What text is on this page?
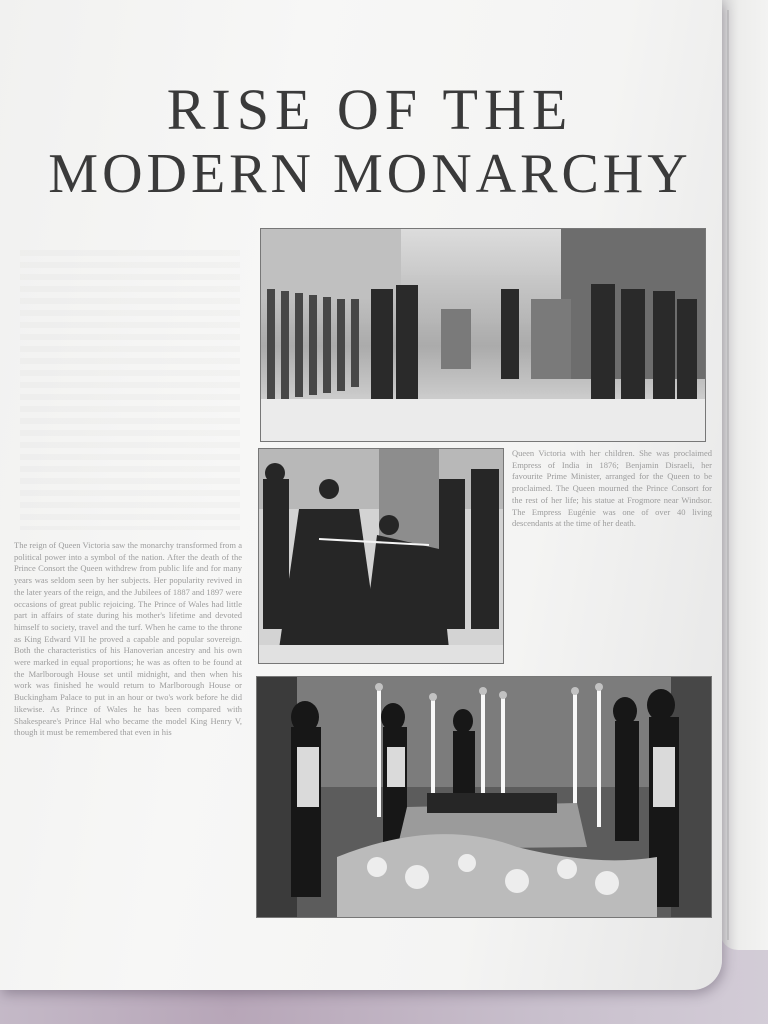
RISE OF THE
MODERN MONARCHY

The reign of Queen Victoria saw the monarchy transformed from a political power into a symbol of the nation. After the death of the Prince Consort the Queen withdrew from public life and for many years was seldom seen by her subjects. Her popularity revived in the later years of the reign, and the Jubilees of 1887 and 1897 were occasions of great public rejoicing. The Prince of Wales had little part in affairs of state during his mother's lifetime and devoted himself to society, travel and the turf. When he came to the throne as King Edward VII he proved a capable and popular sovereign. Both the characteristics of his Hanoverian ancestry and his own were marked in equal proportions; he was as often to be found at the Marlborough House set until midnight, and then when his work was finished he would return to Marlborough House or Buckingham Palace to put in an hour or two's work before he did likewise. As Prince of Wales he has been compared with Shakespeare's Prince Hal who became the model King Henry V, though it must be remembered that even in his

Queen Victoria with her children. She was proclaimed Empress of India in 1876; Benjamin Disraeli, her favourite Prime Minister, arranged for the Queen to be proclaimed. The Queen mourned the Prince Consort for the rest of her life; his statue at Frogmore near Windsor. The Empress Eugénie was one of over 40 living descendants at the time of her death.
